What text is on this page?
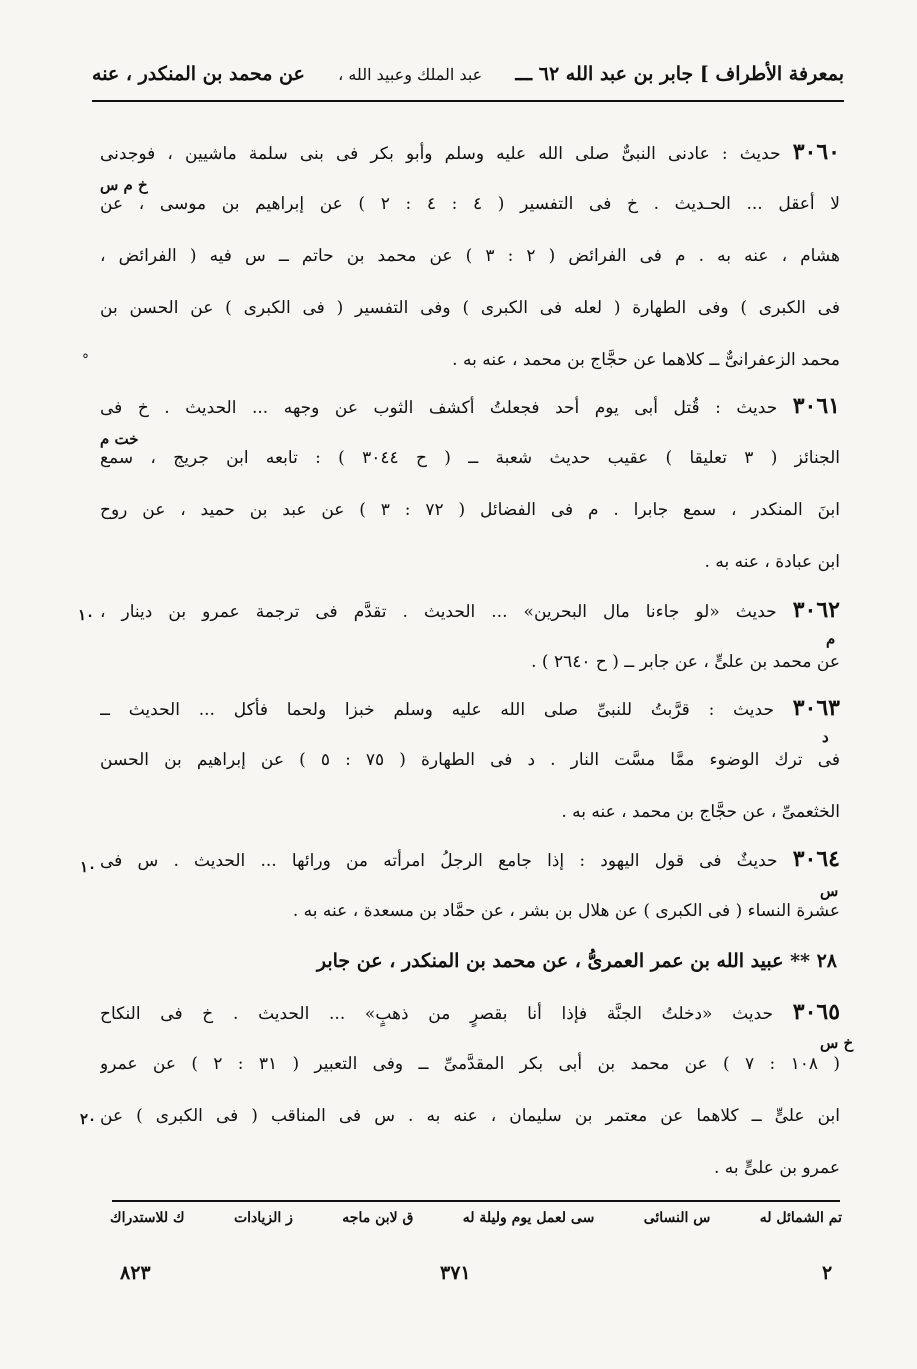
بمعرفة الأطراف ] جابر بن عبد الله ٦٢ ـــ
عبد الملك وعبيد الله ،
عن محمد بن المنكدر ، عنه
٣٠٦٠ حديث : عادنى النبىٌّ صلى الله عليه وسلم وأبو بكر فى بنى سلمة ماشيين ، فوجدنى
لا أعقل ... الحـديث . خ فى التفسير ( ٤ : ٤ : ٢ ) عن إبراهيم بن موسى ، عن
هشام ، عنه به . م فى الفرائض ( ٢ : ٣ ) عن محمد بن حاتم ــ س فيه ( الفرائض ،
فى الكبرى ) وفى الطهارة ( لعله فى الكبرى ) وفى التفسير ( فى الكبرى ) عن الحسن بن
محمد الزعفرانىٌّ ــ كلاهما عن حجَّاج بن محمد ، عنه به .
خ م س
°
٣٠٦١ حديث : قُتل أبى يوم أحد فجعلتُ أكشف الثوب عن وجهه ... الحديث . خ فى
الجنائز ( ٣ تعليقا ) عقيب حديث شعبة ــ ( ح ٣٠٤٤ ) : تابعه ابن جريج ، سمع
ابنَ المنكدر ، سمع جابرا . م فى الفضائل ( ٧٢ : ٣ ) عن عبد بن حميد ، عن روح
ابن عبادة ، عنه به .
خت م
٣٠٦٢ حديث «لو جاءنا مال البحرين» ... الحديث . تقدَّم فى ترجمة عمرو بن دينار ،
عن محمد بن علىٍّ ، عن جابر ــ ( ح ٢٦٤٠ ) .
١٠
م
٣٠٦٣ حديث : قرَّبتُ للنبىِّ صلى الله عليه وسلم خبزا ولحما فأكل ... الحديث ــ
فى ترك الوضوء ممَّا مسَّت النار . د فى الطهارة ( ٧٥ : ٥ ) عن إبراهيم بن الحسن
الخثعمىِّ ، عن حجَّاج بن محمد ، عنه به .
د
٣٠٦٤ حديثٌ فى قول اليهود : إذا جامع الرجلُ امرأته من ورائها ... الحديث . س فى
عشرة النساء ( فى الكبرى ) عن هلال بن بشر ، عن حمَّاد بن مسعدة ، عنه به .
١٠
س
٢٨ ** عبيد الله بن عمر العمرىُّ ، عن محمد بن المنكدر ، عن جابر
٣٠٦٥ حديث «دخلتُ الجنَّة فإذا أنا بقصرٍ من ذهبٍ» ... الحديث . خ فى النكاح
( ١٠٨ : ٧ ) عن محمد بن أبى بكر المقدَّمىِّ ــ وفى التعبير ( ٣١ : ٢ ) عن عمرو
ابن علىٍّ ــ كلاهما عن معتمر بن سليمان ، عنه به . س فى المناقب ( فى الكبرى ) عن
عمرو بن علىٍّ به .
خ س
٢٠
تم الشمائل له
س النسائى
سى لعمل يوم وليلة له
ق لابن ماجه
ز الزيادات
ك للاستدراك
٢
٣٧١
٨٢٣
